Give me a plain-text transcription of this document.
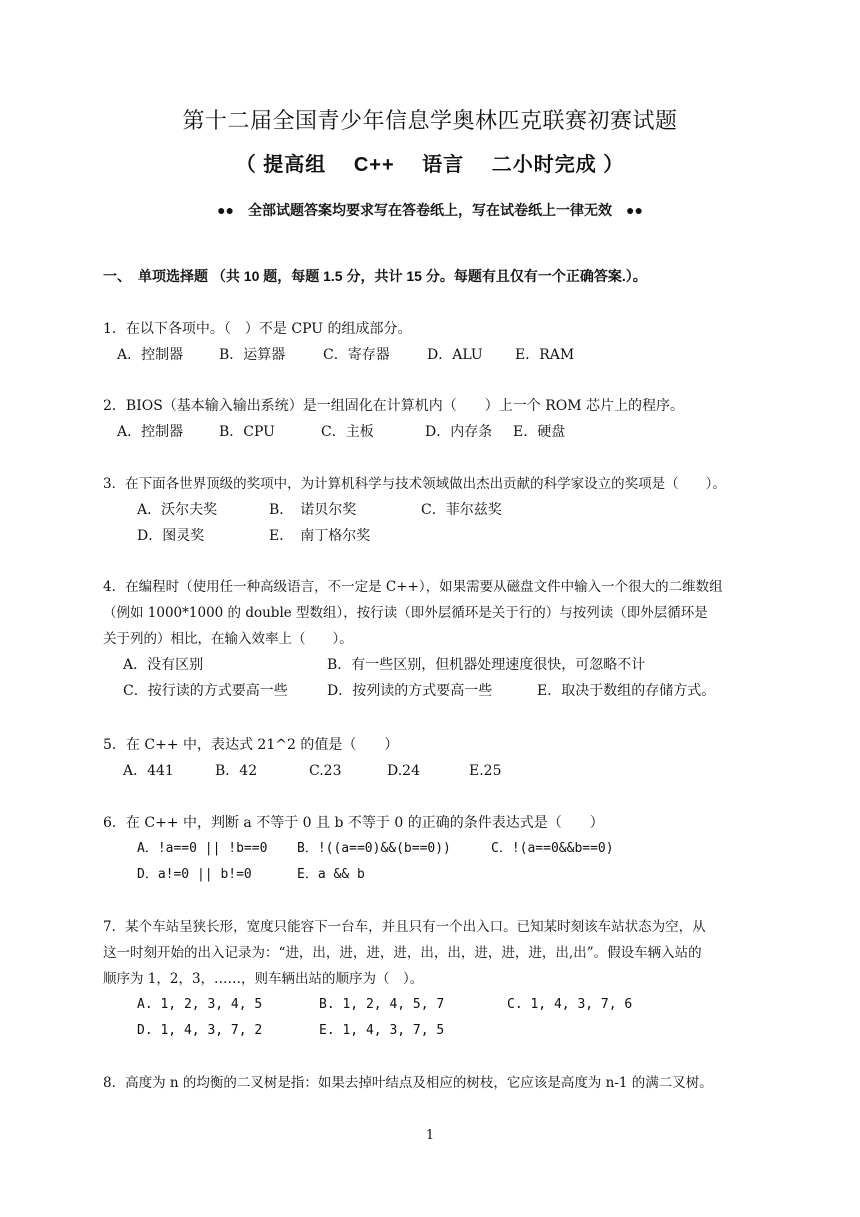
第十二届全国青少年信息学奥林匹克联赛初赛试题
（ 提高组　 C++　 语言　 二小时完成 ）
●●　全部试题答案均要求写在答卷纸上，写在试卷纸上一律无效　●●
一、　单项选择题 （共 10 题，每题 1.5 分，共计 15 分。每题有且仅有一个正确答案.）。
1．在以下各项中。（　）不是 CPU 的组成部分。
A．控制器	B．运算器	C．寄存器	D．ALU E．RAM
2．BIOS（基本输入输出系统）是一组固化在计算机内（　　）上一个 ROM 芯片上的程序。
A．控制器	B．CPU	C．主板	D．内存条 E．硬盘
3．在下面各世界顶级的奖项中，为计算机科学与技术领域做出杰出贡献的科学家设立的奖项是（　　）。
A．沃尔夫奖	B．　诺贝尔奖	C．菲尔兹奖
D．图灵奖	E．　南丁格尔奖
4．在编程时（使用任一种高级语言，不一定是 C++），如果需要从磁盘文件中输入一个很大的二维数组
（例如 1000*1000 的 double 型数组），按行读（即外层循环是关于行的）与按列读（即外层循环是
关于列的）相比，在输入效率上（　　）。
A．没有区别	B．有一些区别，但机器处理速度很快，可忽略不计
C．按行读的方式要高一些	D．按列读的方式要高一些	E．取决于数组的存储方式。
5．在 C++ 中，表达式 21^2 的值是（　　）
A．441	B．42	C.23	D.24	E.25
6．在 C++ 中，判断 a 不等于 0 且 b 不等于 0 的正确的条件表达式是（　　）
A．!a==0 || !b==0 B．!((a==0)&&(b==0))	C．!(a==0&&b==0)
D．a!=0 || b!=0	E．a && b
7．某个车站呈狭长形，宽度只能容下一台车，并且只有一个出入口。已知某时刻该车站状态为空，从
这一时刻开始的出入记录为：“进，出，进，进，进，出，出，进，进，进，出,出”。假设车辆入站的
顺序为 1，2，3，……，则车辆出站的顺序为（　）。
A. 1, 2, 3, 4, 5	B. 1, 2, 4, 5, 7	C. 1, 4, 3, 7, 6
D. 1, 4, 3, 7, 2	E. 1, 4, 3, 7, 5
8．高度为 n 的均衡的二叉树是指：如果去掉叶结点及相应的树枝，它应该是高度为 n-1 的满二叉树。
1
